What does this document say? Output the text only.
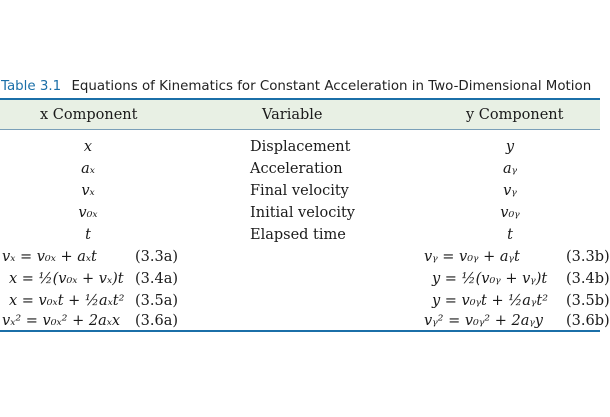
Table 3.1 Equations of Kinematics for Constant Acceleration in Two-Dimensional Motion
x Component	Variable	y Component
x	Displacement	y
aₓ	Acceleration	aᵧ
vₓ	Final velocity	vᵧ
v₀ₓ	Initial velocity	v₀ᵧ
t	Elapsed time	t
vₓ = v₀ₓ + aₓt	(3.3a)	vᵧ = v₀ᵧ + aᵧt	(3.3b)
x = ½(v₀ₓ + vₓ)t (3.4a)	y = ½(v₀ᵧ + vᵧ)t (3.4b)
x = v₀ₓt + ½aₓt² (3.5a)	y = v₀ᵧt + ½aᵧt² (3.5b)
vₓ² = v₀ₓ² + 2aₓx (3.6a)	vᵧ² = v₀ᵧ² + 2aᵧy (3.6b)
